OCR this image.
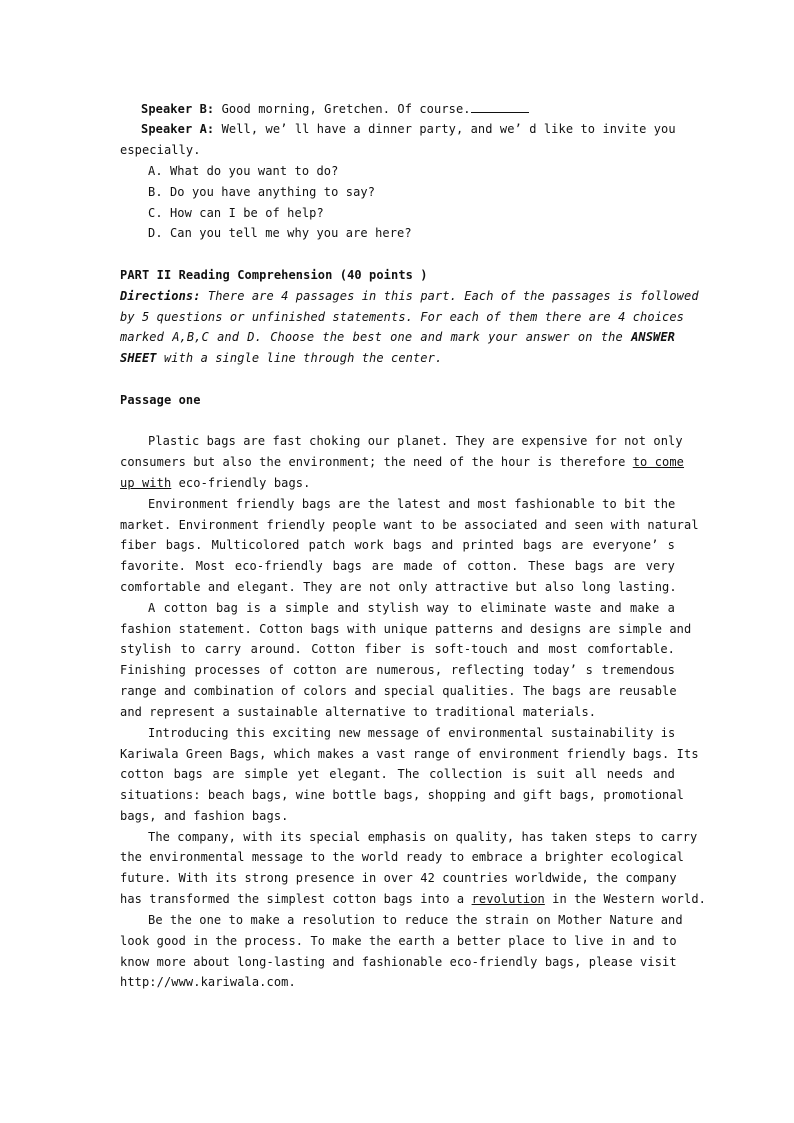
Speaker B: Good morning, Gretchen. Of course.
Speaker A: Well, we’ ll have a dinner party, and we’ d like to invite you
especially.
A. What do you want to do?
B. Do you have anything to say?
C. How can I be of help?
D. Can you tell me why you are here?
PART II Reading Comprehension (40 points )
Directions: There are 4 passages in this part. Each of the passages is followed
by 5 questions or unfinished statements. For each of them there are 4 choices
marked A,B,C and D. Choose the best one and mark your answer on the ANSWER
SHEET with a single line through the center.
Passage one
Plastic bags are fast choking our planet. They are expensive for not only
consumers but also the environment; the need of the hour is therefore to come
up with eco-friendly bags.
Environment friendly bags are the latest and most fashionable to bit the
market. Environment friendly people want to be associated and seen with natural
fiber bags. Multicolored patch work bags and printed bags are everyone’ s
favorite. Most eco-friendly bags are made of cotton. These bags are very
comfortable and elegant. They are not only attractive but also long lasting.
A cotton bag is a simple and stylish way to eliminate waste and make a
fashion statement. Cotton bags with unique patterns and designs are simple and
stylish to carry around. Cotton fiber is soft-touch and most comfortable.
Finishing processes of cotton are numerous, reflecting today’ s tremendous
range and combination of colors and special qualities. The bags are reusable
and represent a sustainable alternative to traditional materials.
Introducing this exciting new message of environmental sustainability is
Kariwala Green Bags, which makes a vast range of environment friendly bags. Its
cotton bags are simple yet elegant. The collection is suit all needs and
situations: beach bags, wine bottle bags, shopping and gift bags, promotional
bags, and fashion bags.
The company, with its special emphasis on quality, has taken steps to carry
the environmental message to the world ready to embrace a brighter ecological
future. With its strong presence in over 42 countries worldwide, the company
has transformed the simplest cotton bags into a revolution in the Western world.
Be the one to make a resolution to reduce the strain on Mother Nature and
look good in the process. To make the earth a better place to live in and to
know more about long-lasting and fashionable eco-friendly bags, please visit
http://www.kariwala.com.
